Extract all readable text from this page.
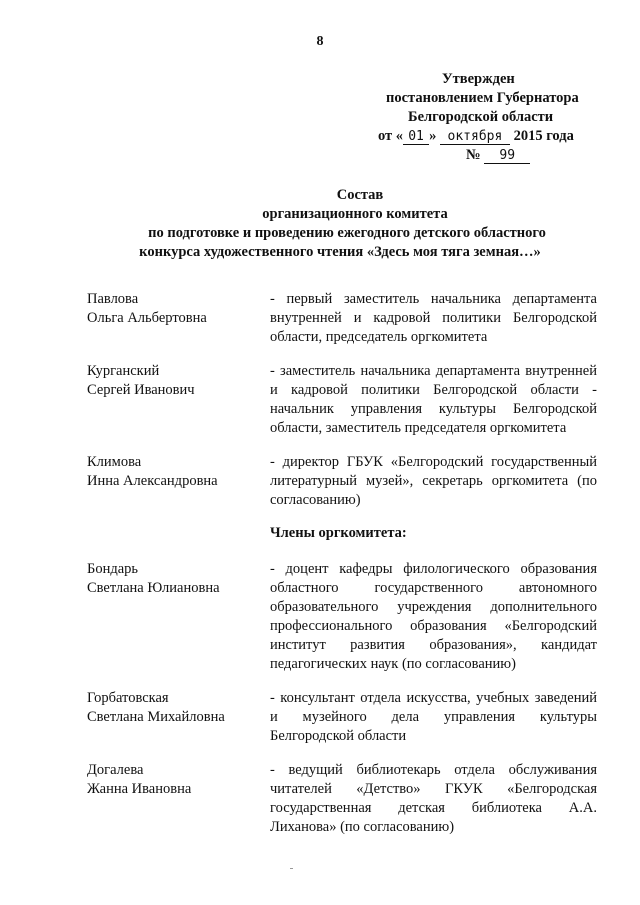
8
Утвержден
постановлением Губернатора
Белгородской области
от « 01 » октября 2015 года
№ 99
Состав
организационного комитета
по подготовке и проведению ежегодного детского областного
конкурса художественного чтения «Здесь моя тяга земная…»
Павлова
Ольга Альбертовна
- первый заместитель начальника департамента внутренней и кадровой политики Белгородской области, председатель оргкомитета
Курганский
Сергей Иванович
- заместитель начальника департамента внутренней и кадровой политики Белгородской области - начальник управления культуры Белгородской области, заместитель председателя оргкомитета
Климова
Инна Александровна
- директор ГБУК «Белгородский государственный литературный музей», секретарь оргкомитета (по согласованию)
Члены оргкомитета:
Бондарь
Светлана Юлиановна
- доцент кафедры филологического образования областного государственного автономного образовательного учреждения дополнительного профессионального образования «Белгородский институт развития образования», кандидат педагогических наук (по согласованию)
Горбатовская
Светлана Михайловна
- консультант отдела искусства, учебных заведений и музейного дела управления культуры Белгородской области
Догалева
Жанна Ивановна
- ведущий библиотекарь отдела обслуживания читателей «Детство» ГКУК «Белгородская государственная детская библиотека А.А. Лиханова» (по согласованию)
